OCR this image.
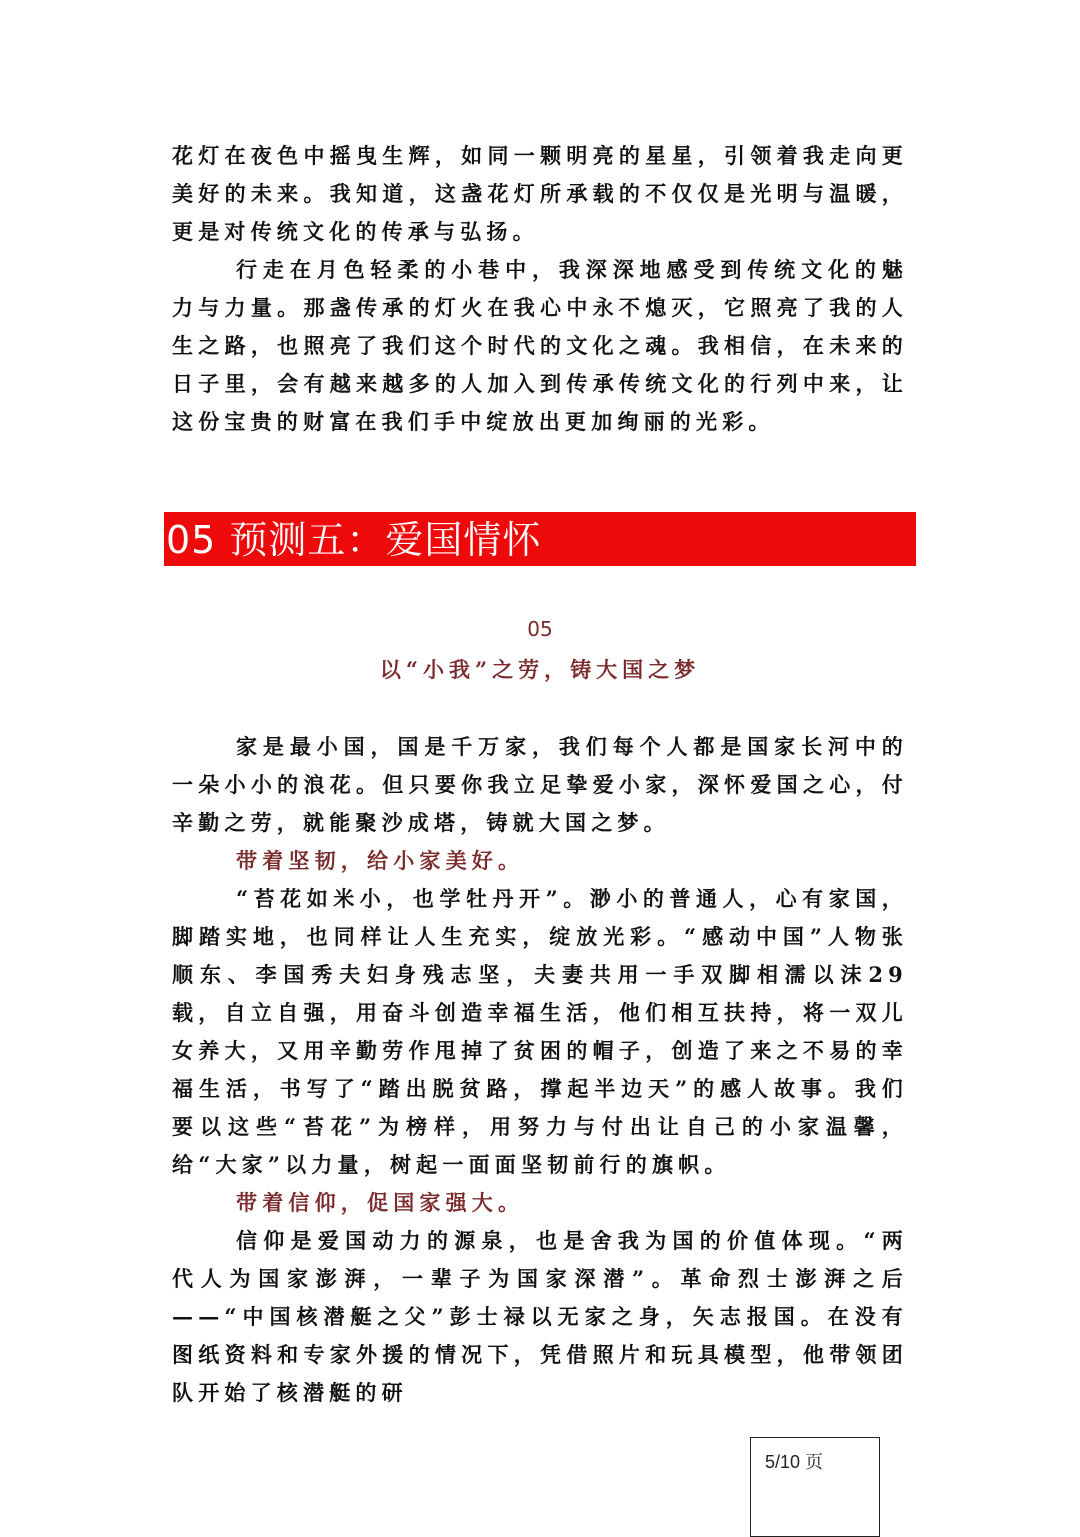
花灯在夜色中摇曳生辉，如同一颗明亮的星星，引领着我走向更美好的未来。我知道，这盏花灯所承载的不仅仅是光明与温暖，更是对传统文化的传承与弘扬。

行走在月色轻柔的小巷中，我深深地感受到传统文化的魅力与力量。那盏传承的灯火在我心中永不熄灭，它照亮了我的人生之路，也照亮了我们这个时代的文化之魂。我相信，在未来的日子里，会有越来越多的人加入到传承传统文化的行列中来，让这份宝贵的财富在我们手中绽放出更加绚丽的光彩。

05 预测五：爱国情怀
05
以“小我”之劳，铸大国之梦

家是最小国，国是千万家，我们每个人都是国家长河中的一朵小小的浪花。但只要你我立足挚爱小家，深怀爱国之心，付辛勤之劳，就能聚沙成塔，铸就大国之梦。

带着坚韧，给小家美好。

“苔花如米小，也学牡丹开”。渺小的普通人，心有家国，脚踏实地，也同样让人生充实，绽放光彩。“感动中国”人物张顺东、李国秀夫妇身残志坚，夫妻共用一手双脚相濡以沫29载，自立自强，用奋斗创造幸福生活，他们相互扶持，将一双儿女养大，又用辛勤劳作甩掉了贫困的帽子，创造了来之不易的幸福生活，书写了“踏出脱贫路，撑起半边天”的感人故事。我们要以这些“苔花”为榜样，用努力与付出让自己的小家温馨，给“大家”以力量，树起一面面坚韧前行的旗帜。

带着信仰，促国家强大。

信仰是爱国动力的源泉，也是舍我为国的价值体现。“两代人为国家澎湃，一辈子为国家深潜”。革命烈士澎湃之后——“中国核潜艇之父”彭士禄以无家之身，矢志报国。在没有图纸资料和专家外援的情况下，凭借照片和玩具模型，他带领团队开始了核潜艇的研

5/10 页
